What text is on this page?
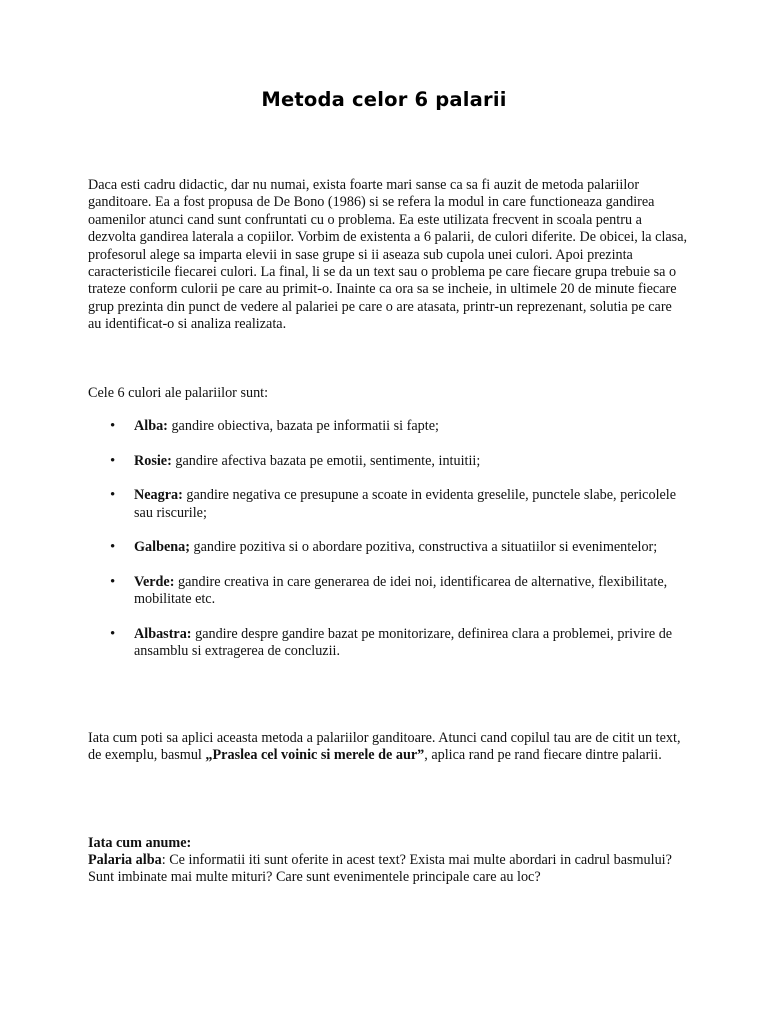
Metoda celor 6 palarii

Daca esti cadru didactic, dar nu numai, exista foarte mari sanse ca sa fi auzit de metoda palariilor ganditoare. Ea a fost propusa de De Bono (1986) si se refera la modul in care functioneaza gandirea oamenilor atunci cand sunt confruntati cu o problema. Ea este utilizata frecvent in scoala pentru a dezvolta gandirea laterala a copiilor. Vorbim de existenta a 6 palarii, de culori diferite. De obicei, la clasa, profesorul alege sa imparta elevii in sase grupe si ii aseaza sub cupola unei culori. Apoi prezinta caracteristicile fiecarei culori. La final, li se da un text sau o problema pe care fiecare grupa trebuie sa o trateze conform culorii pe care au primit-o. Inainte ca ora sa se incheie, in ultimele 20 de minute fiecare grup prezinta din punct de vedere al palariei pe care o are atasata, printr-un reprezenant, solutia pe care au identificat-o si analiza realizata.

Cele 6 culori ale palariilor sunt:

• Alba: gandire obiectiva, bazata pe informatii si fapte;
• Rosie: gandire afectiva bazata pe emotii, sentimente, intuitii;
• Neagra: gandire negativa ce presupune a scoate in evidenta greselile, punctele slabe, pericolele sau riscurile;
• Galbena; gandire pozitiva si o abordare pozitiva, constructiva a situatiilor si evenimentelor;
• Verde: gandire creativa in care generarea de idei noi, identificarea de alternative, flexibilitate, mobilitate etc.
• Albastra: gandire despre gandire bazat pe monitorizare, definirea clara a problemei, privire de ansamblu si extragerea de concluzii.

Iata cum poti sa aplici aceasta metoda a palariilor ganditoare. Atunci cand copilul tau are de citit un text, de exemplu, basmul „Praslea cel voinic si merele de aur”, aplica rand pe rand fiecare dintre palarii.

Iata cum anume:

Palaria alba: Ce informatii iti sunt oferite in acest text? Exista mai multe abordari in cadrul basmului? Sunt imbinate mai multe mituri? Care sunt evenimentele principale care au loc?
